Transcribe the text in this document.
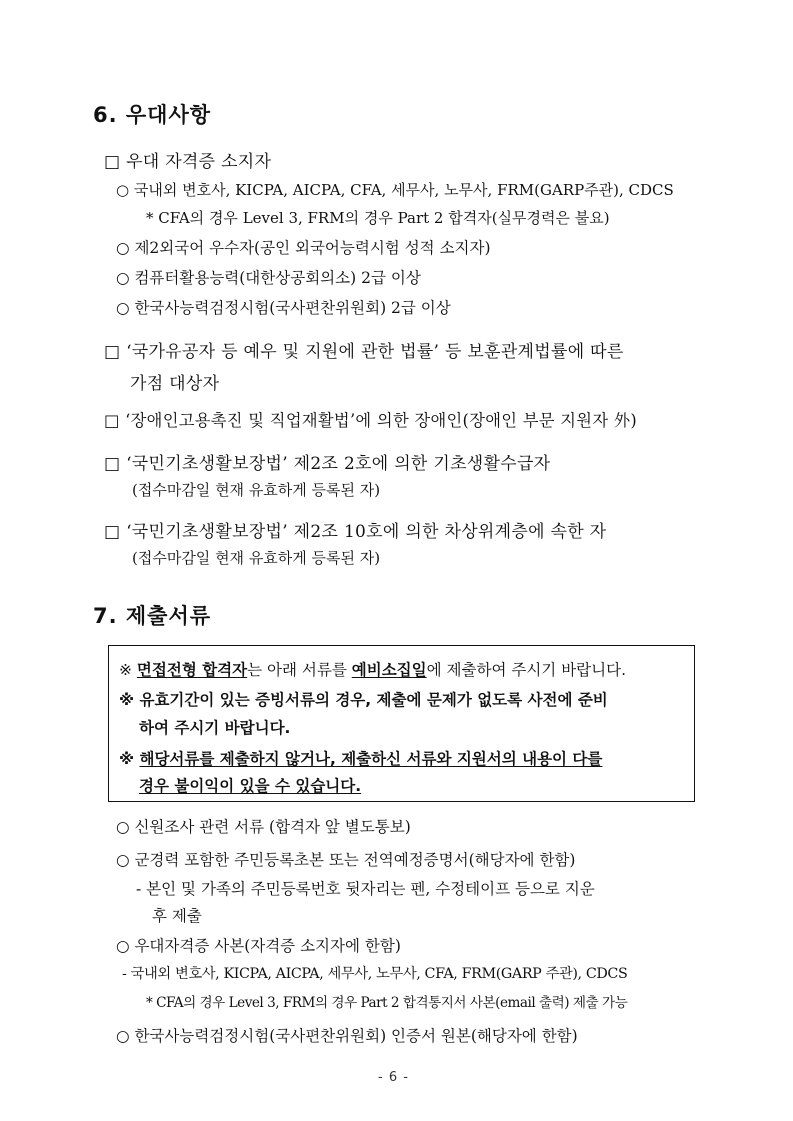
6. 우대사항
□ 우대 자격증 소지자
○ 국내외 변호사, KICPA, AICPA, CFA, 세무사, 노무사, FRM(GARP주관), CDCS
* CFA의 경우 Level 3, FRM의 경우 Part 2 합격자(실무경력은 불요)
○ 제2외국어 우수자(공인 외국어능력시험 성적 소지자)
○ 컴퓨터활용능력(대한상공회의소) 2급 이상
○ 한국사능력검정시험(국사편찬위원회) 2급 이상
□ ‘국가유공자 등 예우 및 지원에 관한 법률’ 등 보훈관계법률에 따른
가점 대상자
□ ‘장애인고용촉진 및 직업재활법’에 의한 장애인(장애인 부문 지원자 外)
□ ‘국민기초생활보장법’ 제2조 2호에 의한 기초생활수급자
(접수마감일 현재 유효하게 등록된 자)
□ ‘국민기초생활보장법’ 제2조 10호에 의한 차상위계층에 속한 자
(접수마감일 현재 유효하게 등록된 자)
7. 제출서류
※ 면접전형 합격자는 아래 서류를 예비소집일에 제출하여 주시기 바랍니다.
※ 유효기간이 있는 증빙서류의 경우, 제출에 문제가 없도록 사전에 준비
하여 주시기 바랍니다.
※ 해당서류를 제출하지 않거나, 제출하신 서류와 지원서의 내용이 다를
경우 불이익이 있을 수 있습니다.
○ 신원조사 관련 서류 (합격자 앞 별도통보)
○ 군경력 포함한 주민등록초본 또는 전역예정증명서(해당자에 한함)
- 본인 및 가족의 주민등록번호 뒷자리는 펜, 수정테이프 등으로 지운
후 제출
○ 우대자격증 사본(자격증 소지자에 한함)
- 국내외 변호사, KICPA, AICPA, 세무사, 노무사, CFA, FRM(GARP 주관), CDCS
* CFA의 경우 Level 3, FRM의 경우 Part 2 합격통지서 사본(email 출력) 제출 가능
○ 한국사능력검정시험(국사편찬위원회) 인증서 원본(해당자에 한함)
- 6 -
